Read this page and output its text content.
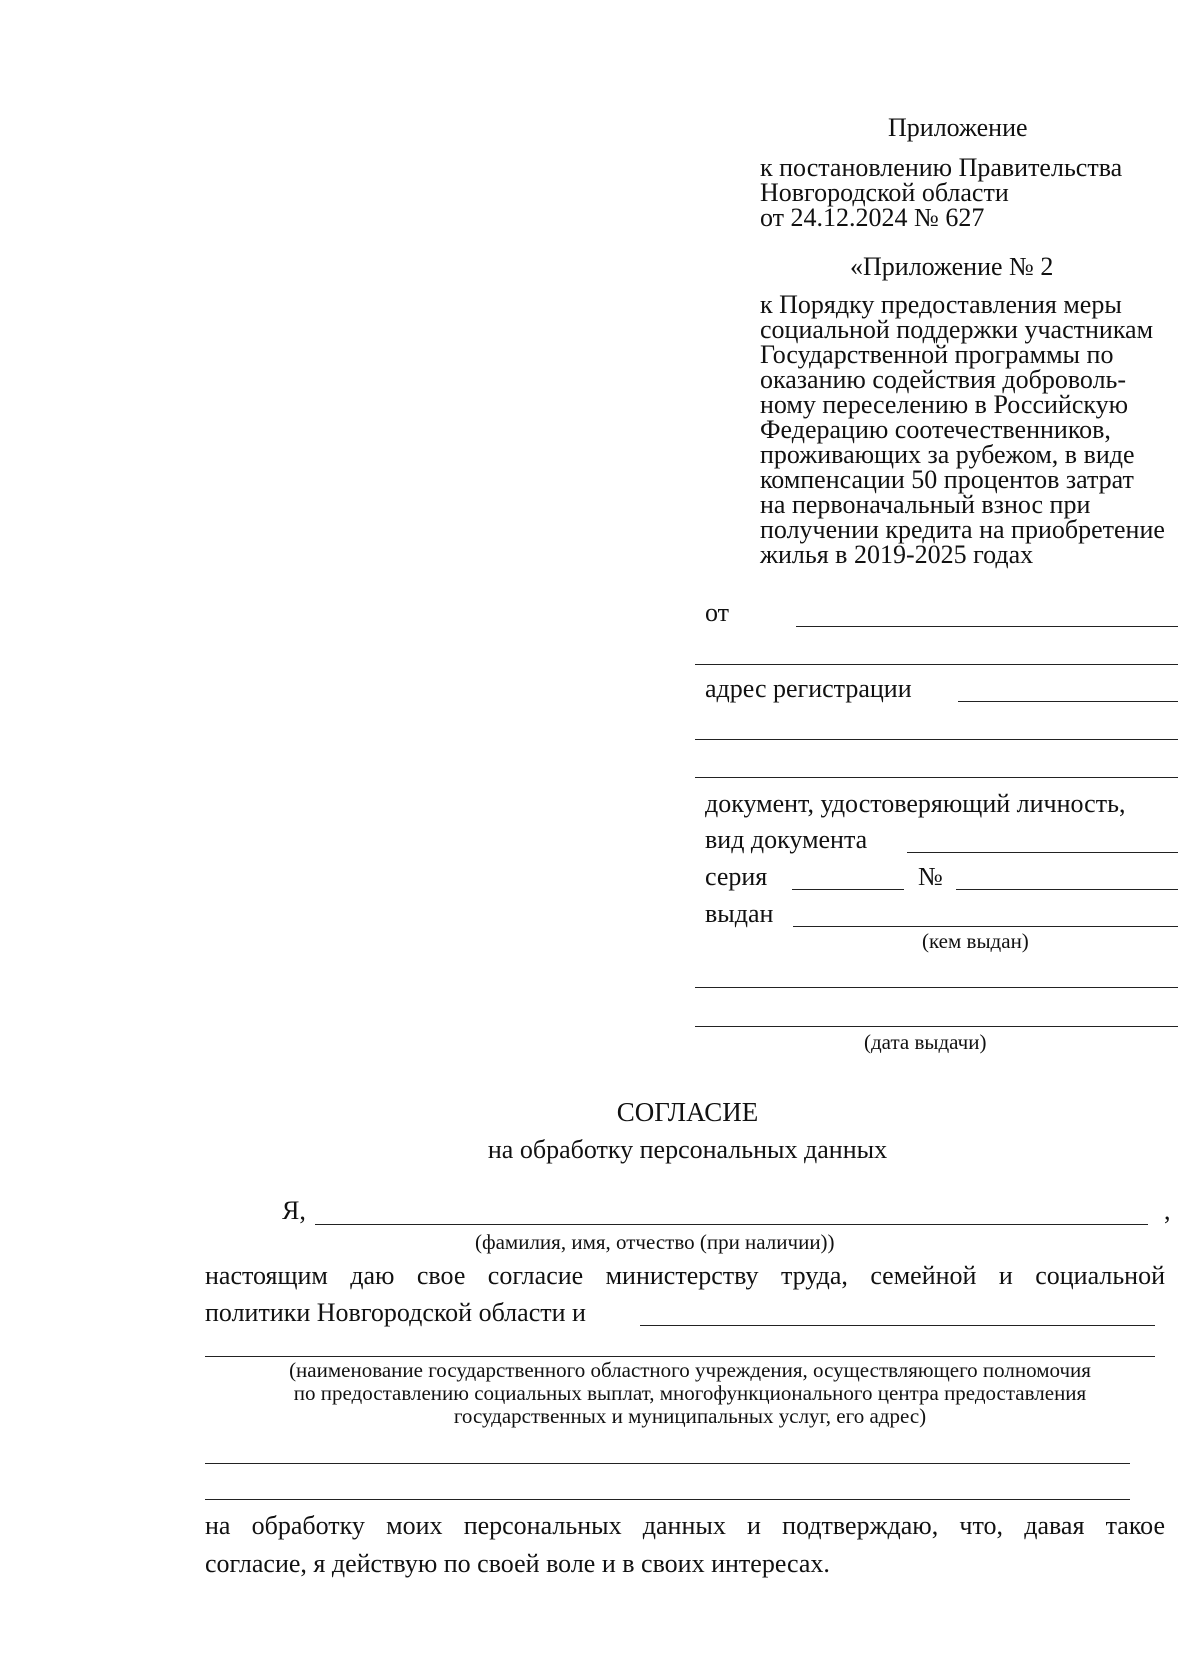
Приложение
к постановлению Правительства
Новгородской области
от 24.12.2024 № 627
«Приложение № 2
к Порядку предоставления меры
социальной поддержки участникам
Государственной программы по
оказанию содействия доброволь-
ному переселению в Российскую
Федерацию соотечественников,
проживающих за рубежом, в виде
компенсации 50 процентов затрат
на первоначальный взнос при
получении кредита на приобретение
жилья в 2019-2025 годах
от
адрес регистрации
документ, удостоверяющий личность,
вид документа
серия	№
выдан
(кем выдан)
(дата выдачи)
СОГЛАСИЕ
на обработку персональных данных
Я,	,
(фамилия, имя, отчество (при наличии))
настоящим даю свое согласие министерству труда, семейной и социальной
политики Новгородской области и
(наименование государственного областного учреждения, осуществляющего полномочия
по предоставлению социальных выплат, многофункционального центра предоставления
государственных и муниципальных услуг, его адрес)
на обработку моих персональных данных и подтверждаю, что, давая такое
согласие, я действую по своей воле и в своих интересах.
